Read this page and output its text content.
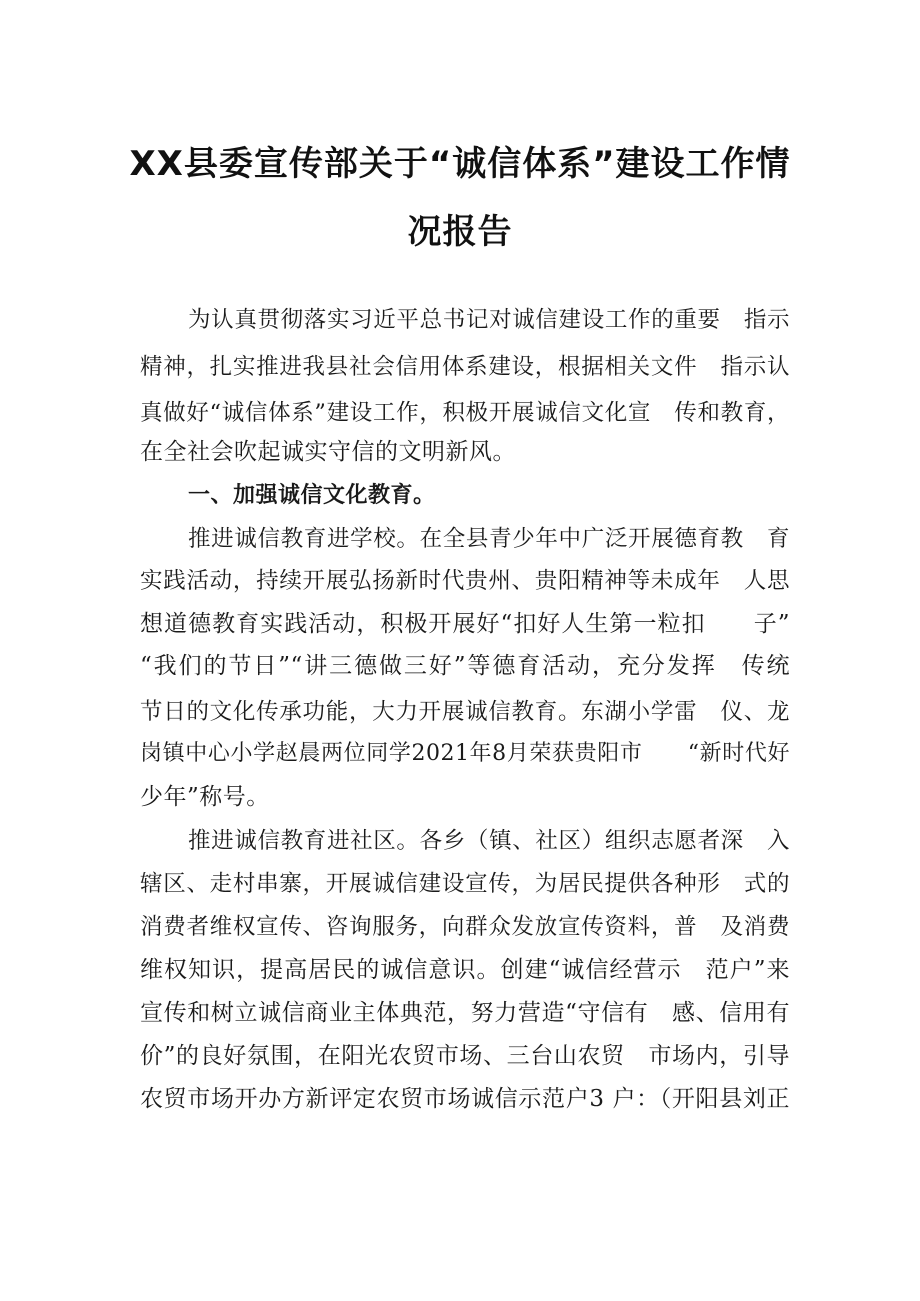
XX县委宣传部关于“诚信体系”建设工作情
况报告
为认真贯彻落实习近平总书记对诚信建设工作的重要　指示
精神，扎实推进我县社会信用体系建设，根据相关文件　指示认
真做好“诚信体系”建设工作，积极开展诚信文化宣　传和教育，
在全社会吹起诚实守信的文明新风。
一、加强诚信文化教育。
推进诚信教育进学校。在全县青少年中广泛开展德育教　育
实践活动，持续开展弘扬新时代贵州、贵阳精神等未成年　人思
想道德教育实践活动，积极开展好“扣好人生第一粒扣　　子”
“我们的节日”“讲三德做三好”等德育活动，充分发挥　传统
节日的文化传承功能，大力开展诚信教育。东湖小学雷　仪、龙
岗镇中心小学赵晨两位同学2021年8月荣获贵阳市　　“新时代好
少年”称号。
推进诚信教育进社区。各乡（镇、社区）组织志愿者深　入
辖区、走村串寨，开展诚信建设宣传，为居民提供各种形　式的
消费者维权宣传、咨询服务，向群众发放宣传资料，普　及消费
维权知识，提高居民的诚信意识。创建“诚信经营示　范户”来
宣传和树立诚信商业主体典范，努力营造“守信有　感、信用有
价”的良好氛围，在阳光农贸市场、三台山农贸　市场内，引导
农贸市场开办方新评定农贸市场诚信示范户3 户：（开阳县刘正
